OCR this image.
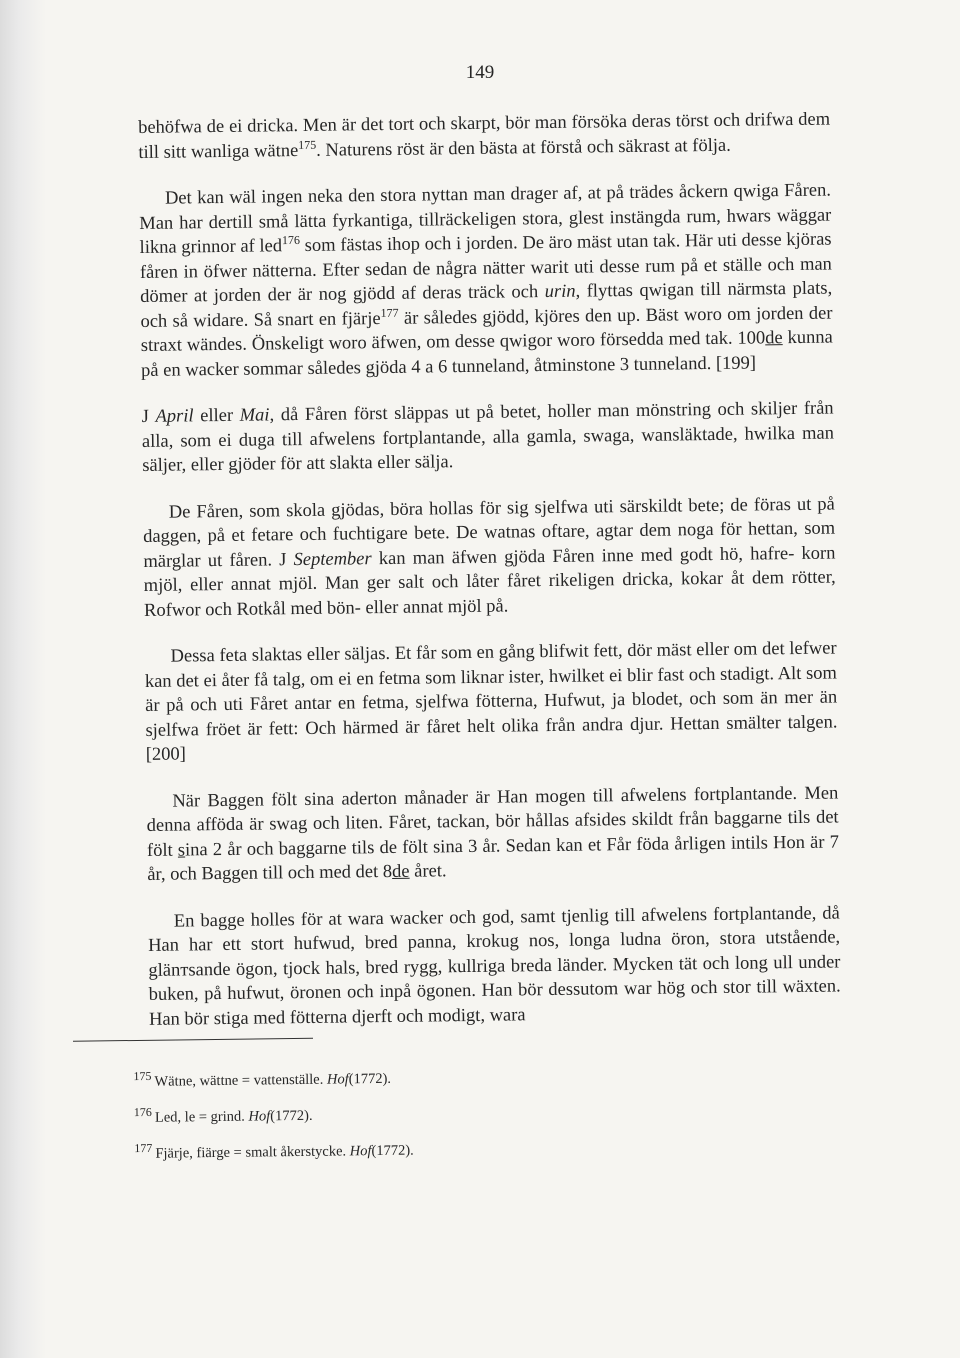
149

behöfwa de ei dricka. Men är det tort och skarpt, bör man försöka deras törst och drifwa dem till sitt wanliga wätne$^{175}$. Naturens röst är den bästa at förstå och säkrast at följa.

Det kan wäl ingen neka den stora nyttan man drager af, at på trädes åckern qwiga Fåren. Man har dertill små lätta fyrkantiga, tillräckeligen stora, glest instängda rum, hwars wäggar likna grinnor af led$^{176}$ som fästas ihop och i jorden. De äro mäst utan tak. Här uti desse kjöras fåren in öfwer nätterna. Efter sedan de några nätter warit uti desse rum på et ställe och man dömer at jorden der är nog gjödd af deras träck och urin, flyttas qwigan till närmsta plats, och så widare. Så snart en fjärje$^{177}$ är således gjödd, kjöres den up. Bäst woro om jorden der straxt wändes. Önskeligt woro äfwen, om desse qwigor woro försedda med tak. 100de kunna på en wacker sommar således gjöda 4 a 6 tunneland, åtminstone 3 tunneland. [199]

J April eller Mai, då Fåren först släppas ut på betet, holler man mönstring och skiljer från alla, som ei duga till afwelens fortplantande, alla gamla, swaga, wansläktade, hwilka man säljer, eller gjöder för att slakta eller sälja.

De Fåren, som skola gjödas, böra hollas för sig sjelfwa uti särskildt bete; de föras ut på daggen, på et fetare och fuchtigare bete. De watnas oftare, agtar dem noga för hettan, som märglar ut fåren. J September kan man äfwen gjöda Fåren inne med godt hö, hafre- korn mjöl, eller annat mjöl. Man ger salt och låter fåret rikeligen dricka, kokar åt dem rötter, Rofwor och Rotkål med bön- eller annat mjöl på.

Dessa feta slaktas eller säljas. Et får som en gång blifwit fett, dör mäst eller om det lefwer kan det ei åter få talg, om ei en fetma som liknar ister, hwilket ei blir fast och stadigt. Alt som är på och uti Fåret antar en fetma, sjelfwa fötterna, Hufwut, ja blodet, och som än mer än sjelfwa fröet är fett: Och härmed är fåret helt olika från andra djur. Hettan smälter talgen. [200]

När Baggen fölt sina aderton månader är Han mogen till afwelens fortplantande. Men denna afföda är swag och liten. Fåret, tackan, bör hållas afsides skildt från baggarne tils det fölt sina 2 år och baggarne tils de fölt sina 3 år. Sedan kan et Får föda årligen intils Hon är 7 år, och Baggen till och med det 8de året.

En bagge holles för at wara wacker och god, samt tjenlig till afwelens fortplantande, då Han har ett stort hufwud, bred panna, krokug nos, longa ludna öron, stora utstående, glänтsande ögon, tjock hals, bred rygg, kullriga breda länder. Mycken tät och long ull under buken, på hufwut, öronen och inpå ögonen. Han bör dessutom war hög och stor till wäxten. Han bör stiga med fötterna djerft och modigt, wara

$^{175}$ Wätne, wättne = vattenställe. Hof(1772).
$^{176}$ Led, le = grind. Hof(1772).
$^{177}$ Fjärje, fiärge = smalt åkerstycke. Hof(1772).
